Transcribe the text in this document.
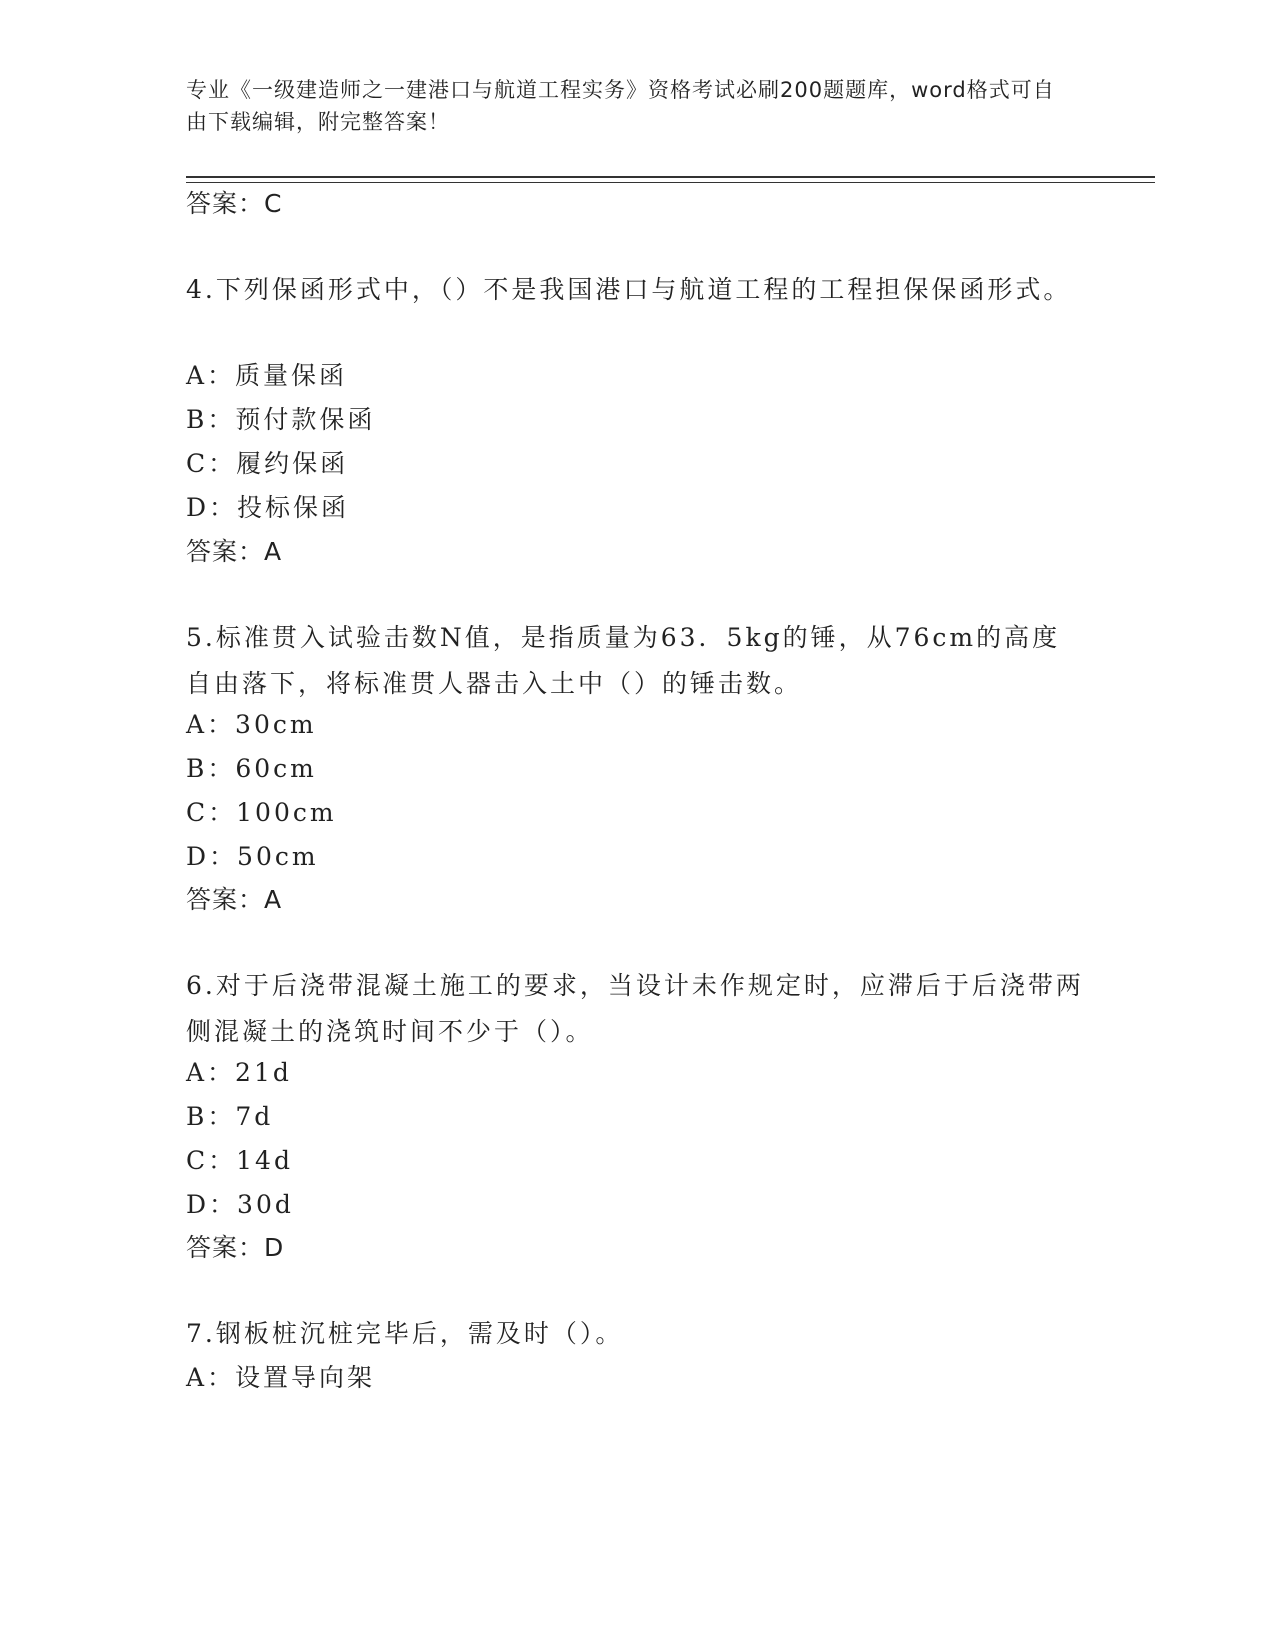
专业《一级建造师之一建港口与航道工程实务》资格考试必刷200题题库，word格式可自由下载编辑，附完整答案！
答案：C
4.下列保函形式中，（）不是我国港口与航道工程的工程担保保函形式。
A：质量保函
B：预付款保函
C：履约保函
D：投标保函
答案：A
5.标准贯入试验击数N值，是指质量为63．5kg的锤，从76cm的高度自由落下，将标准贯人器击入土中（）的锤击数。
A：30cm
B：60cm
C：100cm
D：50cm
答案：A
6.对于后浇带混凝土施工的要求，当设计未作规定时，应滞后于后浇带两侧混凝土的浇筑时间不少于（）。
A：21d
B：7d
C：14d
D：30d
答案：D
7.钢板桩沉桩完毕后，需及时（）。
A：设置导向架
